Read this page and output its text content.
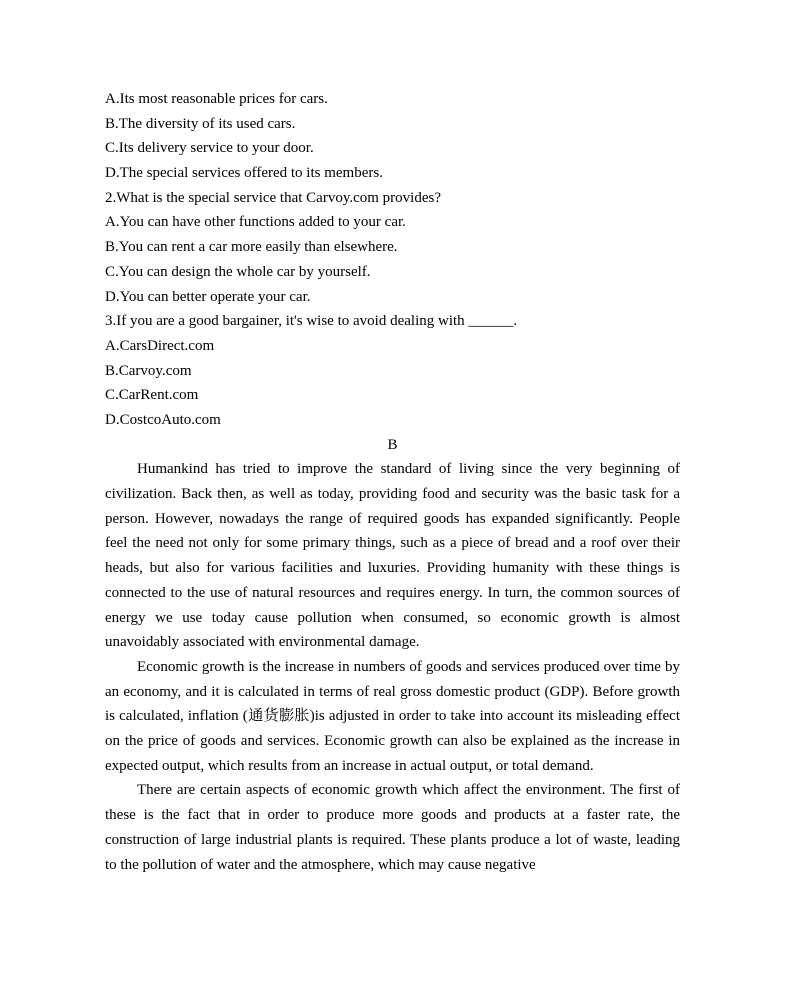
A.Its most reasonable prices for cars.

B.The diversity of its used cars.

C.Its delivery service to your door.

D.The special services offered to its members.

2.What is the special service that Carvoy.com provides?

A.You can have other functions added to your car.

B.You can rent a car more easily than elsewhere.

C.You can design the whole car by yourself.

D.You can better operate your car.

3.If you are a good bargainer, it's wise to avoid dealing with ______.

A.CarsDirect.com

B.Carvoy.com

C.CarRent.com

D.CostcoAuto.com

B

Humankind has tried to improve the standard of living since the very beginning of civilization. Back then, as well as today, providing food and security was the basic task for a person. However, nowadays the range of required goods has expanded significantly. People feel the need not only for some primary things, such as a piece of bread and a roof over their heads, but also for various facilities and luxuries. Providing humanity with these things is connected to the use of natural resources and requires energy. In turn, the common sources of energy we use today cause pollution when consumed, so economic growth is almost unavoidably associated with environmental damage.

Economic growth is the increase in numbers of goods and services produced over time by an economy, and it is calculated in terms of real gross domestic product (GDP). Before growth is calculated, inflation (通货膨胀)is adjusted in order to take into account its misleading effect on the price of goods and services. Economic growth can also be explained as the increase in expected output, which results from an increase in actual output, or total demand.

There are certain aspects of economic growth which affect the environment. The first of these is the fact that in order to produce more goods and products at a faster rate, the construction of large industrial plants is required. These plants produce a lot of waste, leading to the pollution of water and the atmosphere, which may cause negative
